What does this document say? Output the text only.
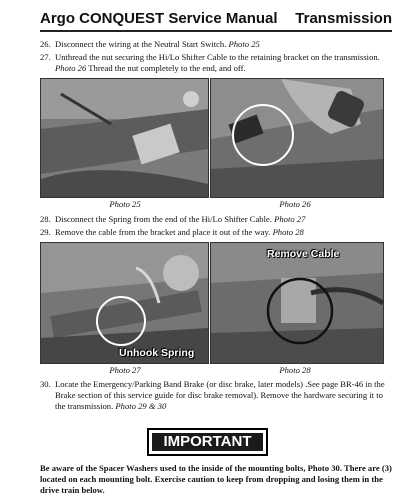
Argo CONQUEST Service Manual Transmission
26. Disconnect the wiring at the Neutral Start Switch. Photo 25
27. Unthread the nut securing the Hi/Lo Shifter Cable to the retaining bracket on the transmission. Photo 26 Thread the nut completely to the end, and off.
Photo 25	Photo 26
28. Disconnect the Spring from the end of the Hi/Lo Shifter Cable. Photo 27
29. Remove the cable from the bracket and place it out of the way. Photo 28
Unhook Spring
Photo 27
Remove Cable
Photo 28
30. Locate the Emergency/Parking Band Brake (or disc brake, later models) .See page BR-46 in the Brake section of this service guide for disc brake removal). Remove the hardware securing it to the transmission. Photo 29 & 30
IMPORTANT
Be aware of the Spacer Washers used to the inside of the mounting bolts, Photo 30. There are (3) located on each mounting bolt. Exercise caution to keep from dropping and losing them in the drive train below.
